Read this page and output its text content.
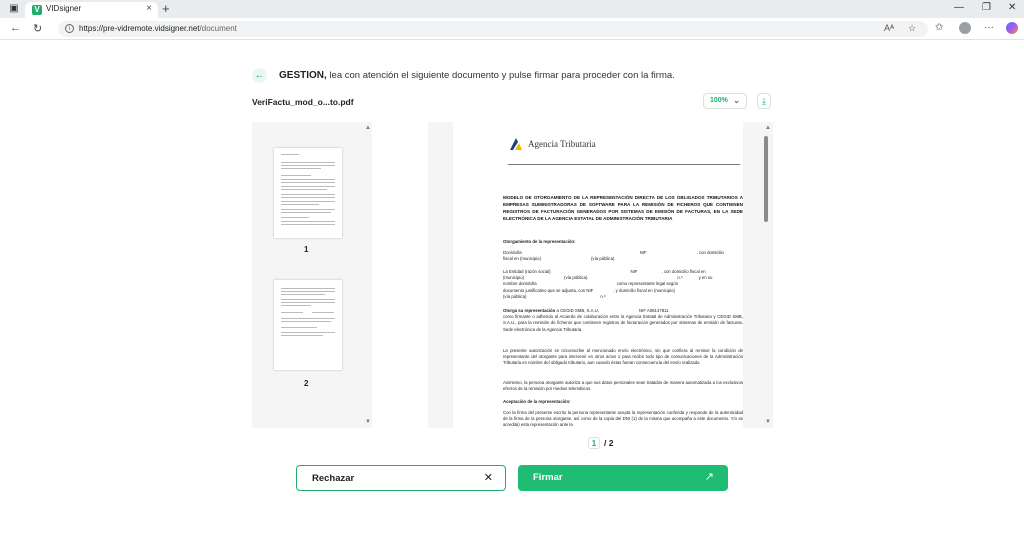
▣ V VIDsigner	× +	— ❐ ✕
← ↻	i	https://pre-vidremote.vidsigner.net/document	Aᴬ ☆ ✩	···
← GESTION, lea con atención el siguiente documento y pulse firmar para proceder con la firma.
VeriFactu_mod_o...to.pdf	100% ⌄	⤓
▲
1
2
▼
Agencia Tributaria
MODELO DE OTORGAMIENTO DE LA REPRESENTACIÓN DIRECTA DE LOS OBLIGADOS TRIBUTARIOS A EMPRESAS SUMINISTRADORAS DE SOFTWARE PARA LA REMISIÓN DE FICHEROS QUE CONTIENEN REGISTROS DE FACTURACIÓN GENERADOS POR SISTEMAS DE EMISIÓN DE FACTURAS, EN LA SEDE ELECTRÓNICA DE LA AGENCIA ESTATAL DE ADMINISTRACIÓN TRIBUTARIA
Otorgamiento de la representación:
Don/doña	NIF	, con domicilio
fiscal en (municipio)	(vía pública)
La Entidad (razón social)	NIF	, con domicilio fiscal en
(municipio)	(vía pública)	n.º	y en su
nombre don/doña	como representante legal según
documento justificativo que se adjunta, con NIF	, y domicilio fiscal en (municipio)
(vía pública)	n.º
Otorga su representación a CEGID SMB, S.A.U.	NIF A08147811
como firmante o adherido al Acuerdo de colaboración entre la Agencia Estatal de Administración Tributaria y CEGID SMB, S.A.U., para la remisión de ficheros que contienen registros de facturación generados por sistemas de emisión de facturas, Sede electrónica de la Agencia Tributaria.
La presente autorización se circunscribe al mencionado envío electrónico, sin que confiera al remisor la condición de representante del otorgante para intervenir en otros actos o para recibir todo tipo de comunicaciones de la Administración Tributaria en nombre del obligado tributario, aun cuando éstas fueran consecuencia del envío realizado.
Asimismo, la persona otorgante autoriza a que sus datos personales sean tratados de manera automatizada a los exclusivos efectos de la remisión por medios telemáticos.
Aceptación de la representación:
Con la firma del presente escrito la persona representante acepta la representación conferida y responde de la autenticidad de la firma de la persona otorgante, así como de la copia del DNI (1) de la misma que acompaña a este documento. Y/o se acredita) esta representación ante la
▲
▼
1 / 2
Rechazar	✕	Firmar	↗
